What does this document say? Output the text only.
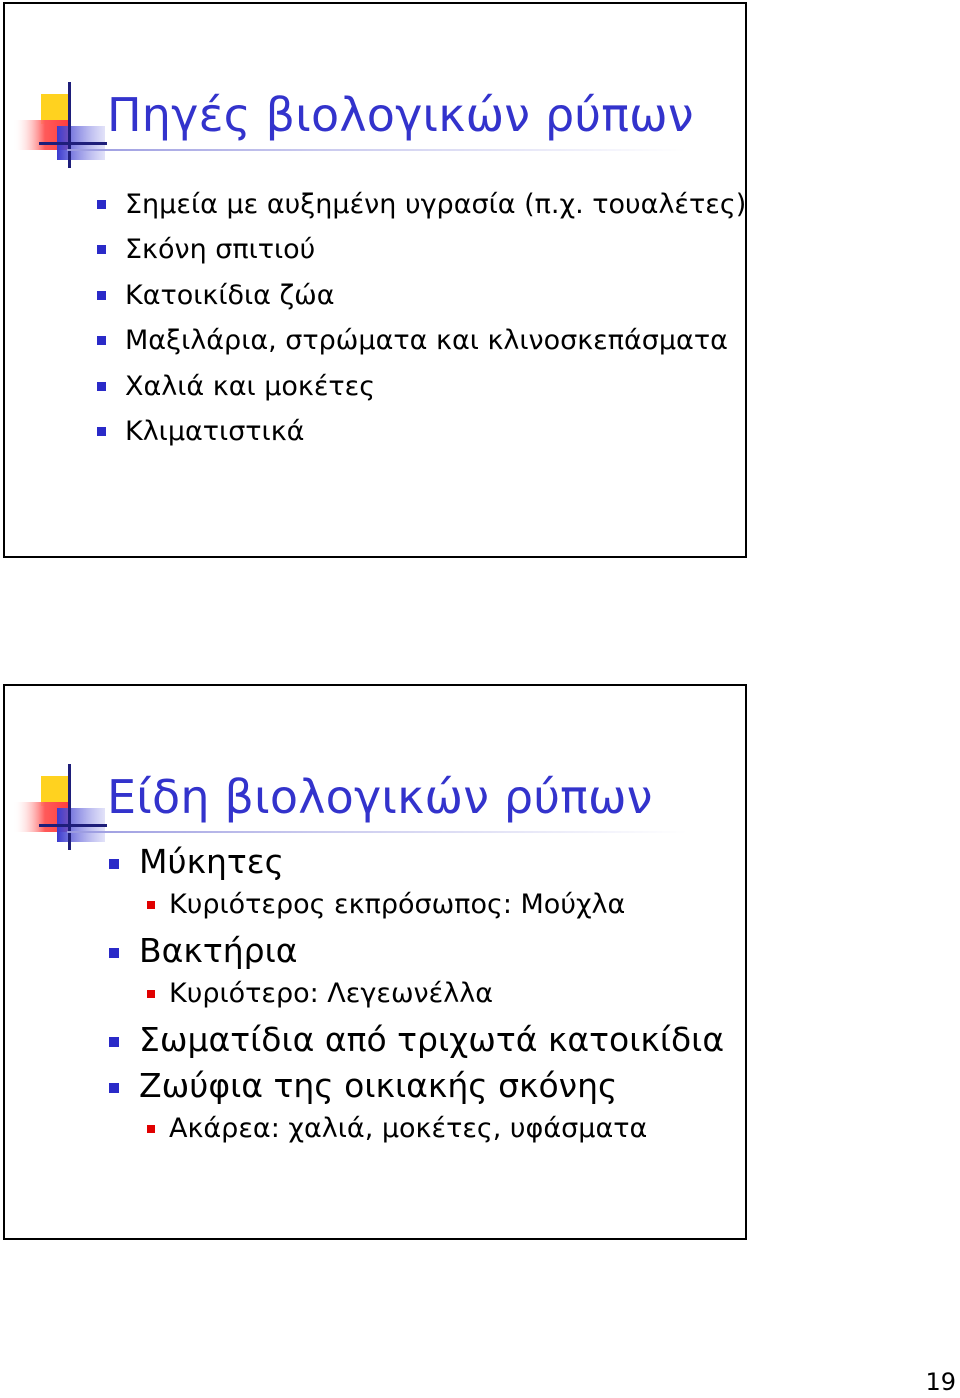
Πηγές βιολογικών ρύπων
Σημεία με αυξημένη υγρασία (π.χ. τουαλέτες)
Σκόνη σπιτιού
Κατοικίδια ζώα
Μαξιλάρια, στρώματα και κλινοσκεπάσματα
Χαλιά και μοκέτες
Κλιματιστικά
Είδη βιολογικών ρύπων
Μύκητες
Κυριότερος εκπρόσωπος: Μούχλα
Βακτήρια
Κυριότερο: Λεγεωνέλλα
Σωματίδια από τριχωτά κατοικίδια
Ζωύφια της οικιακής σκόνης
Ακάρεα: χαλιά, μοκέτες, υφάσματα
19
